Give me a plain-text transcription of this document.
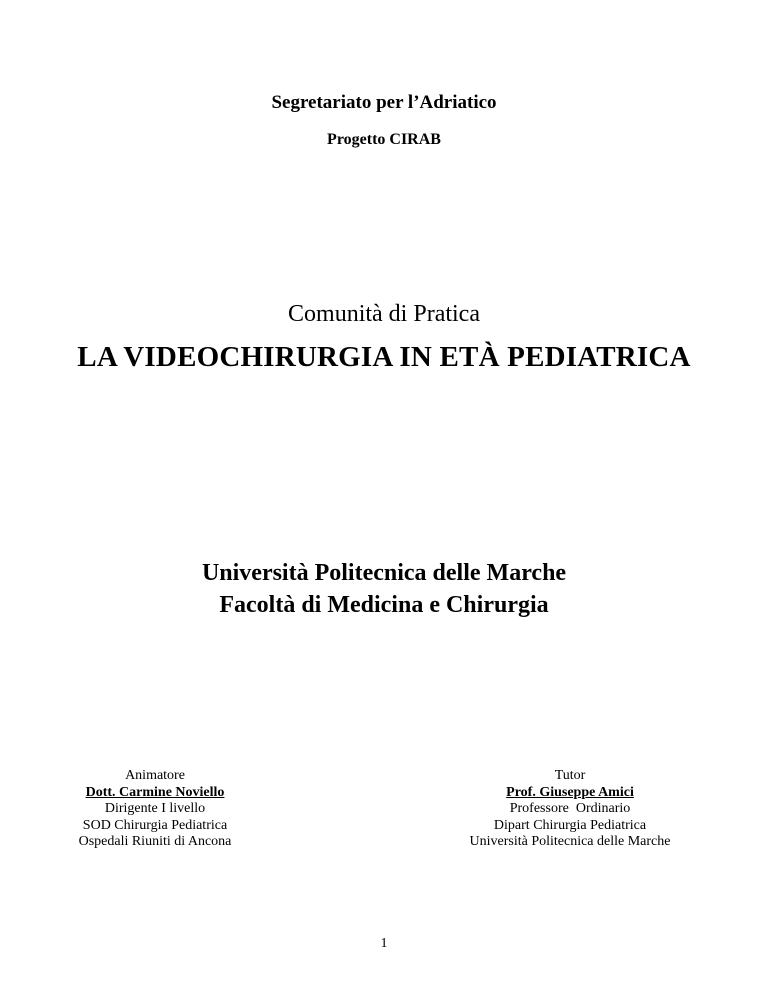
Segretariato per l’Adriatico
Progetto CIRAB
Comunità di Pratica
LA VIDEOCHIRURGIA IN ETÀ PEDIATRICA
Università Politecnica delle Marche
Facoltà di Medicina e Chirurgia
Animatore
Dott. Carmine Noviello
Dirigente I livello
SOD Chirurgia Pediatrica
Ospedali Riuniti di Ancona
Tutor
Prof. Giuseppe Amici
Professore  Ordinario
Dipart Chirurgia Pediatrica
Università Politecnica delle Marche
1
